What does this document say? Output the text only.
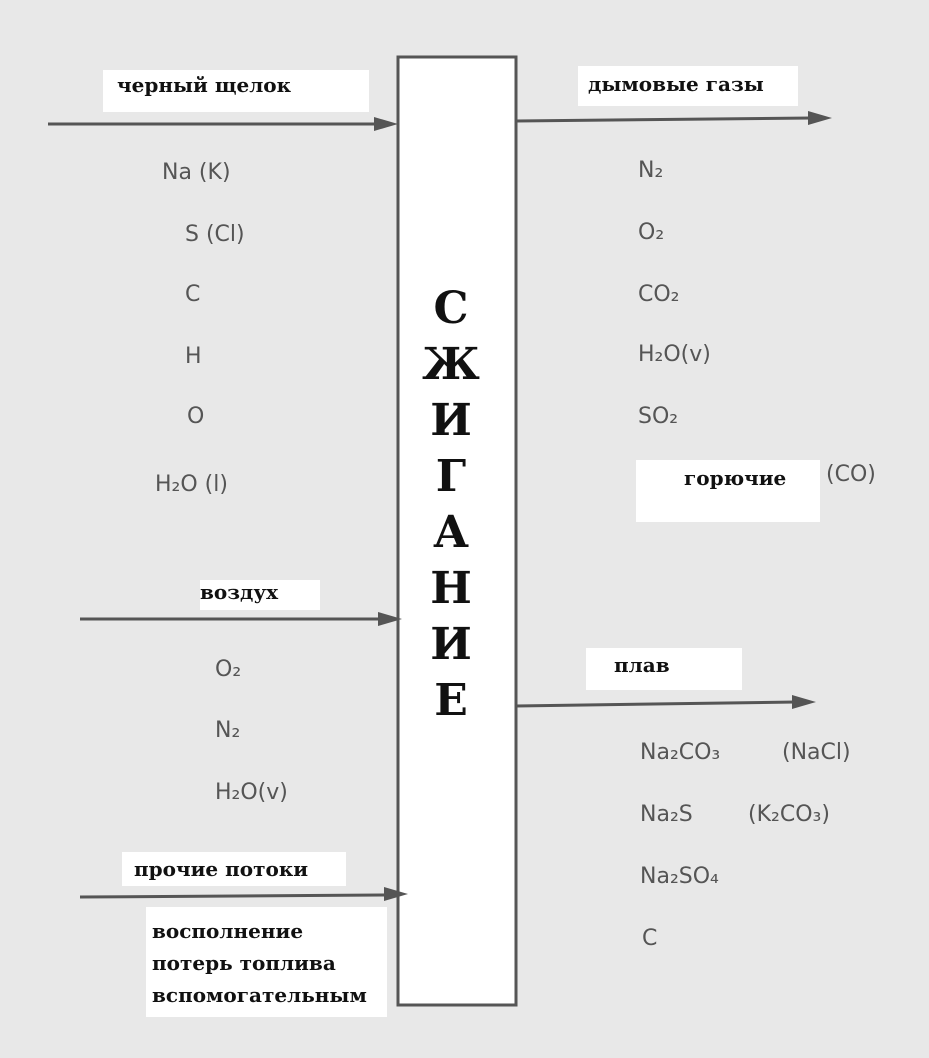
С
Ж
И
Г
А
Н
И
Е
черный щелок
Na (K)
S (Cl)
C
H
O
H₂O (l)
воздух
O₂
N₂
H₂O(v)
прочие потоки
восполнение
потерь топлива
вспомогательным
дымовые газы
N₂
O₂
CO₂
H₂O(v)
SO₂
горючие	(CO)
плав
Na₂CO₃	(NaCl)
Na₂S	(K₂CO₃)
Na₂SO₄
C
